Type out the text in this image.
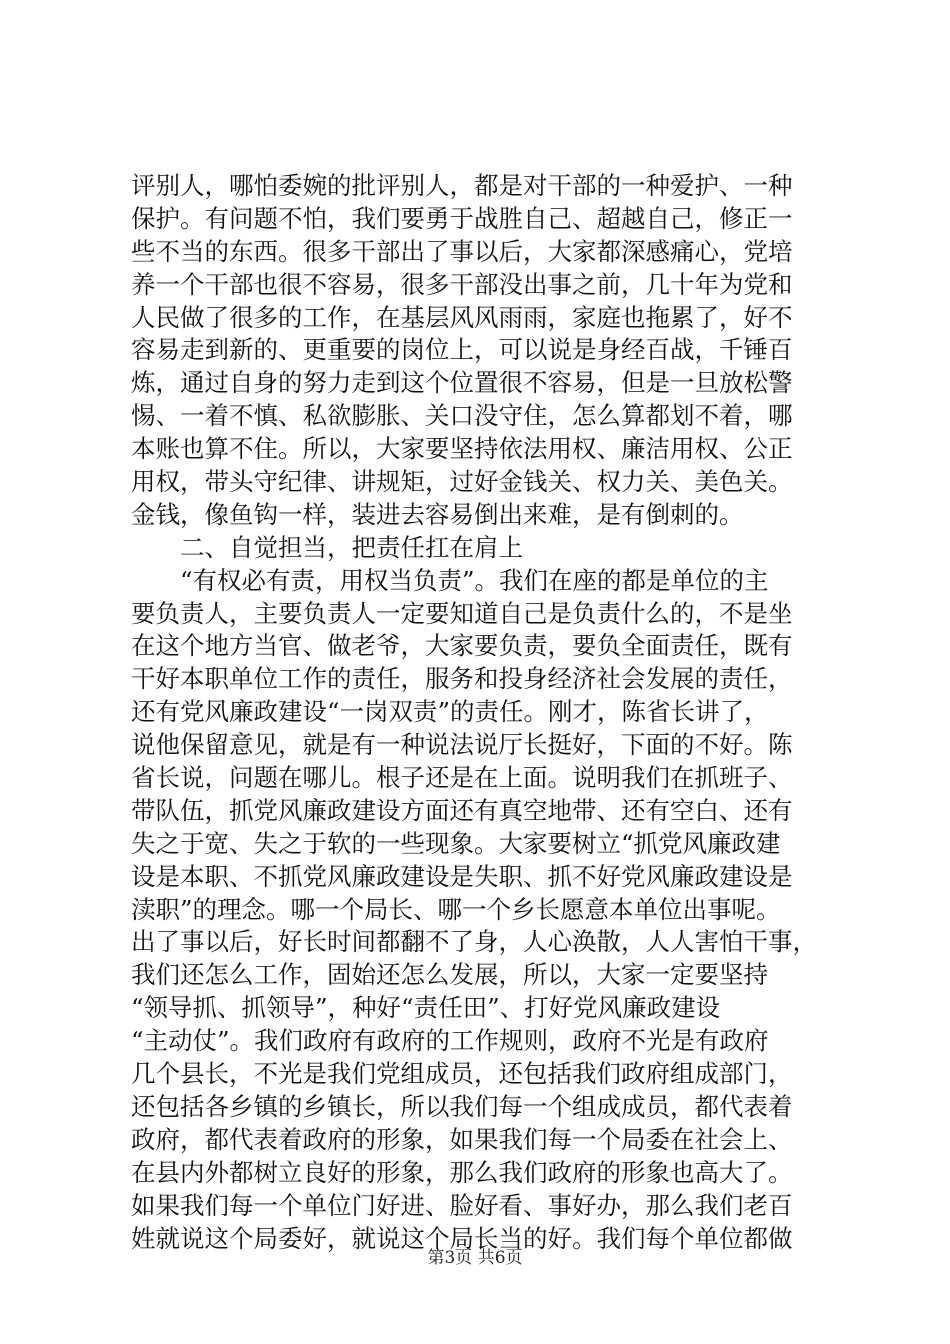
评别人，哪怕委婉的批评别人，都是对干部的一种爱护、一种
保护。有问题不怕，我们要勇于战胜自己、超越自己，修正一
些不当的东西。很多干部出了事以后，大家都深感痛心，党培
养一个干部也很不容易，很多干部没出事之前，几十年为党和
人民做了很多的工作，在基层风风雨雨，家庭也拖累了，好不
容易走到新的、更重要的岗位上，可以说是身经百战，千锤百
炼，通过自身的努力走到这个位置很不容易，但是一旦放松警
惕、一着不慎、私欲膨胀、关口没守住，怎么算都划不着，哪
本账也算不住。所以，大家要坚持依法用权、廉洁用权、公正
用权，带头守纪律、讲规矩，过好金钱关、权力关、美色关。
金钱，像鱼钩一样，装进去容易倒出来难，是有倒刺的。
二、自觉担当，把责任扛在肩上
“有权必有责，用权当负责”。我们在座的都是单位的主
要负责人，主要负责人一定要知道自己是负责什么的，不是坐
在这个地方当官、做老爷，大家要负责，要负全面责任，既有
干好本职单位工作的责任，服务和投身经济社会发展的责任，
还有党风廉政建设“一岗双责”的责任。刚才，陈省长讲了，
说他保留意见，就是有一种说法说厅长挺好，下面的不好。陈
省长说，问题在哪儿。根子还是在上面。说明我们在抓班子、
带队伍，抓党风廉政建设方面还有真空地带、还有空白、还有
失之于宽、失之于软的一些现象。大家要树立“抓党风廉政建
设是本职、不抓党风廉政建设是失职、抓不好党风廉政建设是
渎职”的理念。哪一个局长、哪一个乡长愿意本单位出事呢。
出了事以后，好长时间都翻不了身，人心涣散，人人害怕干事，
我们还怎么工作，固始还怎么发展，所以，大家一定要坚持
“领导抓、抓领导”，种好“责任田”、打好党风廉政建设
“主动仗”。我们政府有政府的工作规则，政府不光是有政府
几个县长，不光是我们党组成员，还包括我们政府组成部门，
还包括各乡镇的乡镇长，所以我们每一个组成成员，都代表着
政府，都代表着政府的形象，如果我们每一个局委在社会上、
在县内外都树立良好的形象，那么我们政府的形象也高大了。
如果我们每一个单位门好进、脸好看、事好办，那么我们老百
姓就说这个局委好，就说这个局长当的好。我们每个单位都做
第3页 共6页
